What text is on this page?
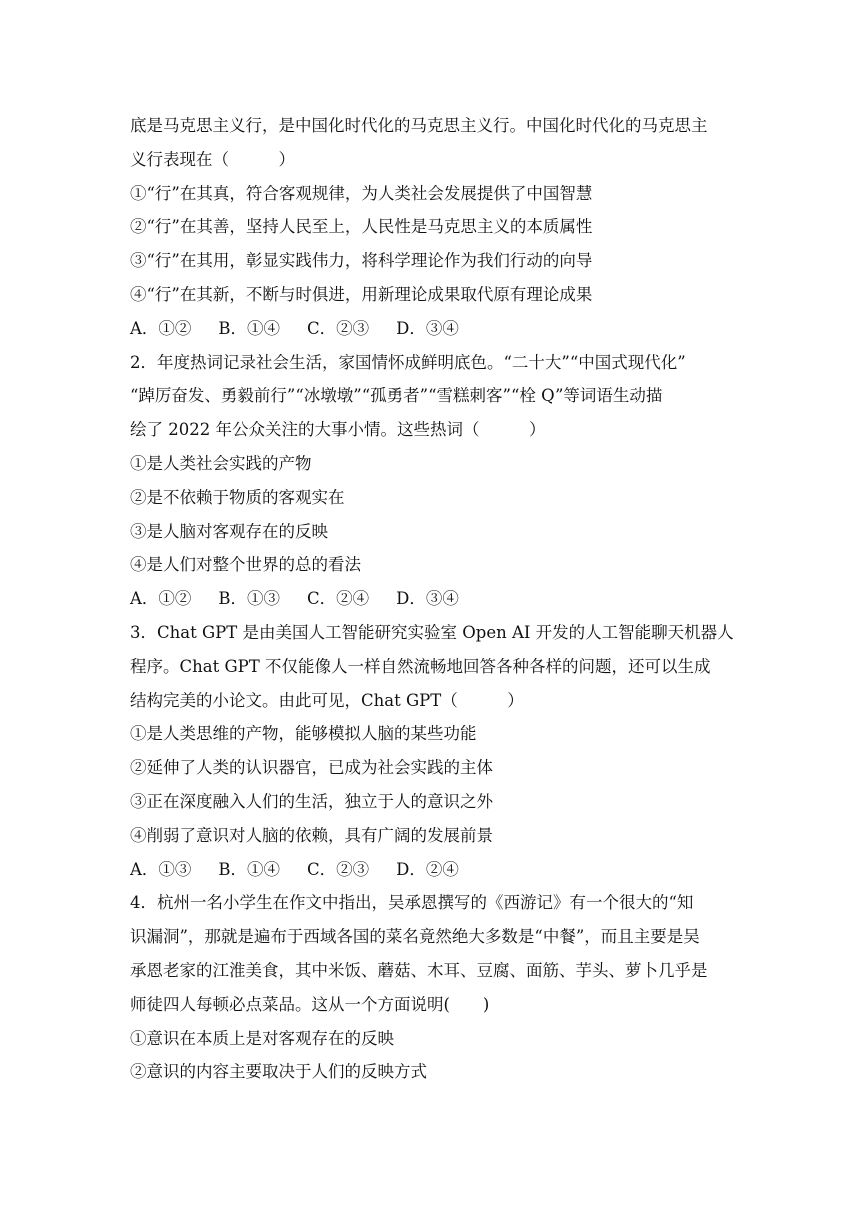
底是马克思主义行，是中国化时代化的马克思主义行。中国化时代化的马克思主
义行表现在（　　　）
①“行”在其真，符合客观规律，为人类社会发展提供了中国智慧
②“行”在其善，坚持人民至上，人民性是马克思主义的本质属性
③“行”在其用，彰显实践伟力，将科学理论作为我们行动的向导
④“行”在其新，不断与时俱进，用新理论成果取代原有理论成果
A．①②　  B．①④　  C．②③　  D．③④
2．年度热词记录社会生活，家国情怀成鲜明底色。“二十大”“中国式现代化”
“踔厉奋发、勇毅前行”“冰墩墩”“孤勇者”“雪糕刺客”“栓 Q”等词语生动描
绘了 2022 年公众关注的大事小情。这些热词（　　　）
①是人类社会实践的产物
②是不依赖于物质的客观实在
③是人脑对客观存在的反映
④是人们对整个世界的总的看法
A．①②　  B．①③　  C．②④　  D．③④
3．Chat GPT 是由美国人工智能研究实验室 Open AI 开发的人工智能聊天机器人
程序。Chat GPT 不仅能像人一样自然流畅地回答各种各样的问题，还可以生成
结构完美的小论文。由此可见，Chat GPT（　　　）
①是人类思维的产物，能够模拟人脑的某些功能
②延伸了人类的认识器官，已成为社会实践的主体
③正在深度融入人们的生活，独立于人的意识之外
④削弱了意识对人脑的依赖，具有广阔的发展前景
A．①③　  B．①④　  C．②③　  D．②④
4．杭州一名小学生在作文中指出，吴承恩撰写的《西游记》有一个很大的“知
识漏洞”，那就是遍布于西域各国的菜名竟然绝大多数是“中餐”，而且主要是吴
承恩老家的江淮美食，其中米饭、蘑菇、木耳、豆腐、面筋、芋头、萝卜几乎是
师徒四人每顿必点菜品。这从一个方面说明(　　)
①意识在本质上是对客观存在的反映
②意识的内容主要取决于人们的反映方式
